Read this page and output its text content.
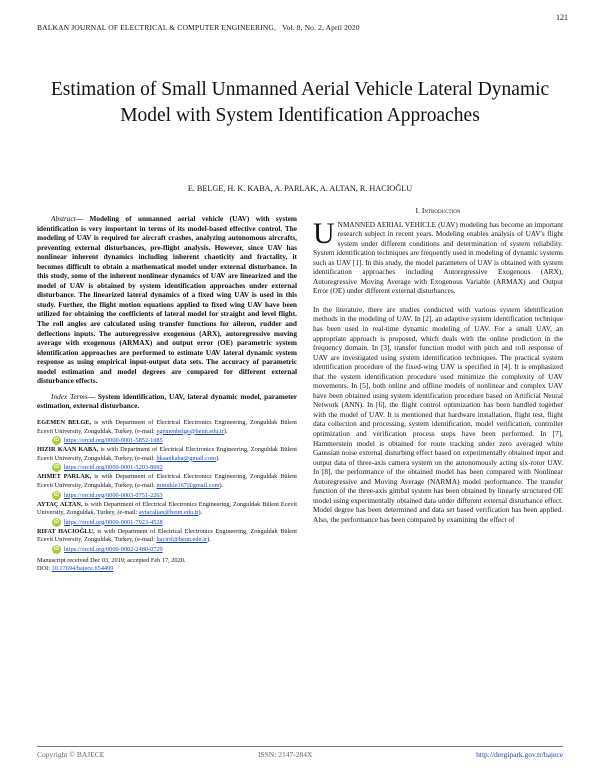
BALKAN JOURNAL OF ELECTRICAL & COMPUTER ENGINEERING, Vol. 8, No. 2, April 2020
121
Estimation of Small Unmanned Aerial Vehicle Lateral Dynamic Model with System Identification Approaches
E. BELGE, H. K. KABA, A. PARLAK, A. ALTAN, R. HACIOĞLU

Abstract— Modeling of unmanned aerial vehicle (UAV) with system identification is very important in terms of its model-based effective control. The modeling of UAV is required for aircraft crashes, analyzing autonomous aircrafts, preventing external disturbances, pre-flight analysis. However, since UAV has nonlinear inherent dynamics including inherent chaoticity and fractality, it becomes difficult to obtain a mathematical model under external disturbance. In this study, some of the inherent nonlinear dynamics of UAV are linearized and the model of UAV is obtained by system identification approaches under external disturbance. The linearized lateral dynamics of a fixed wing UAV is used in this study. Further, the flight motion equations applied to fixed wing UAV have been utilized for obtaining the coefficients of lateral model for straight and level flight. The roll angles are calculated using transfer functions for aileron, rudder and deflections inputs. The autoregressive exogenous (ARX), autoregressive moving average with exogenous (ARMAX) and output error (OE) parametric system identification approaches are performed to estimate UAV lateral dynamic system response as using empirical input-output data sets. The accuracy of parametric model estimation and model degrees are compared for different external disturbance effects.

Index Terms— System identification, UAV, lateral dynamic model, parameter estimation, external disturbance.

EGEMEN BELGE, is with Department of Electrical Electronics Engineering, Zonguldak Bülent Ecevit University, Zonguldak, Turkey, (e-mail: egemenbelge@beun.edu.tr).

iD https://orcid.org/0000-0001-5852-1085

HIZIR KAAN KABA, is with Department of Electrical Electronics Engineering, Zonguldak Bülent Ecevit University, Zonguldak, Turkey, (e-mail: hkaankaba@gmail.com).

iD https://orcid.org/0000-0001-5203-8092

AHMET PARLAK, is with Department of Electrical Electronics Engineering, Zonguldak Bülent Ecevit University, Zonguldak, Turkey, (e-mail: mimikle167@gmail.com).

iD https://orcid.org/0000-0003-0751-2263

AYTAÇ ALTAN, is with Department of Electrical Electronics Engineering, Zonguldak Bülent Ecevit University, Zonguldak, Turkey, (e-mail: aytacaltan@beun.edu.tr).

iD https://orcid.org/0000-0001-7923-4528

RIFAT HACIOĞLU, is with Department of Electrical Electronics Engineering, Zonguldak Bülent Ecevit University, Zonguldak, Turkey, (e-mail: hacirif@beun.edu.tr).

iD https://orcid.org/0000-0002-2480-0729
Manuscript received Dec 03, 2019; accepted Feb 17, 2020.
DOI: 10.17694/bajece.654499
I. Introduction

UNMANNED AERIAL VEHICLE (UAV) modeling has become an important research subject in recent years. Modeling enables analysis of UAV's flight system under different conditions and determination of system reliability. System identification techniques are frequently used in modeling of dynamic systems such as UAV [1]. In this study, the model parameters of UAV is obtained with system identification approaches including Autoregressive Exogenous (ARX), Autoregressive Moving Average with Exogenous Variable (ARMAX) and Output Error (OE) under different external disturbances.

In the literature, there are studies conducted with various system identification methods in the modeling of UAV. In [2], an adaptive system identification technique has been used in real-time dynamic modeling of UAV. For a small UAV, an appropriate approach is proposed, which deals with the online prediction in the frequency domain. In [3], transfer function model with pitch and roll response of UAV are investigated using system identification techniques. The practical system identification procedure of the fixed-wing UAV is specified in [4]. It is emphasized that the system identification procedure used minimize the complexity of UAV movements. In [5], both online and offline models of nonlinear and complex UAV have been obtained using system identification procedure based on Artificial Neural Network (ANN). In [6], the flight control optimization has been handled together with the model of UAV. It is mentioned that hardware installation, flight test, flight data collection and processing, system identification, model verification, controller optimization and verification process steps have been performed. In [7], Hammerstein model is obtained for route tracking under zero averaged white Gaussian noise external disturbing effect based on experimentally obtained input and output data of three-axis camera system on the autonomously acting six-rotor UAV. In [8], the performance of the obtained model has been compared with Nonlinear Autoregressive and Moving Average (NARMA) model performance. The transfer function of the three-axis gimbal system has been obtained by linearly structured OE model using experimentally obtained data under different external disturbance effect. Model degree has been determined and data set based verification has been applied. Also, the performance has been compared by examining the effect of

Copyright © BAJECE	ISSN: 2147-284X	http://dergipark.gov.tr/bajece
